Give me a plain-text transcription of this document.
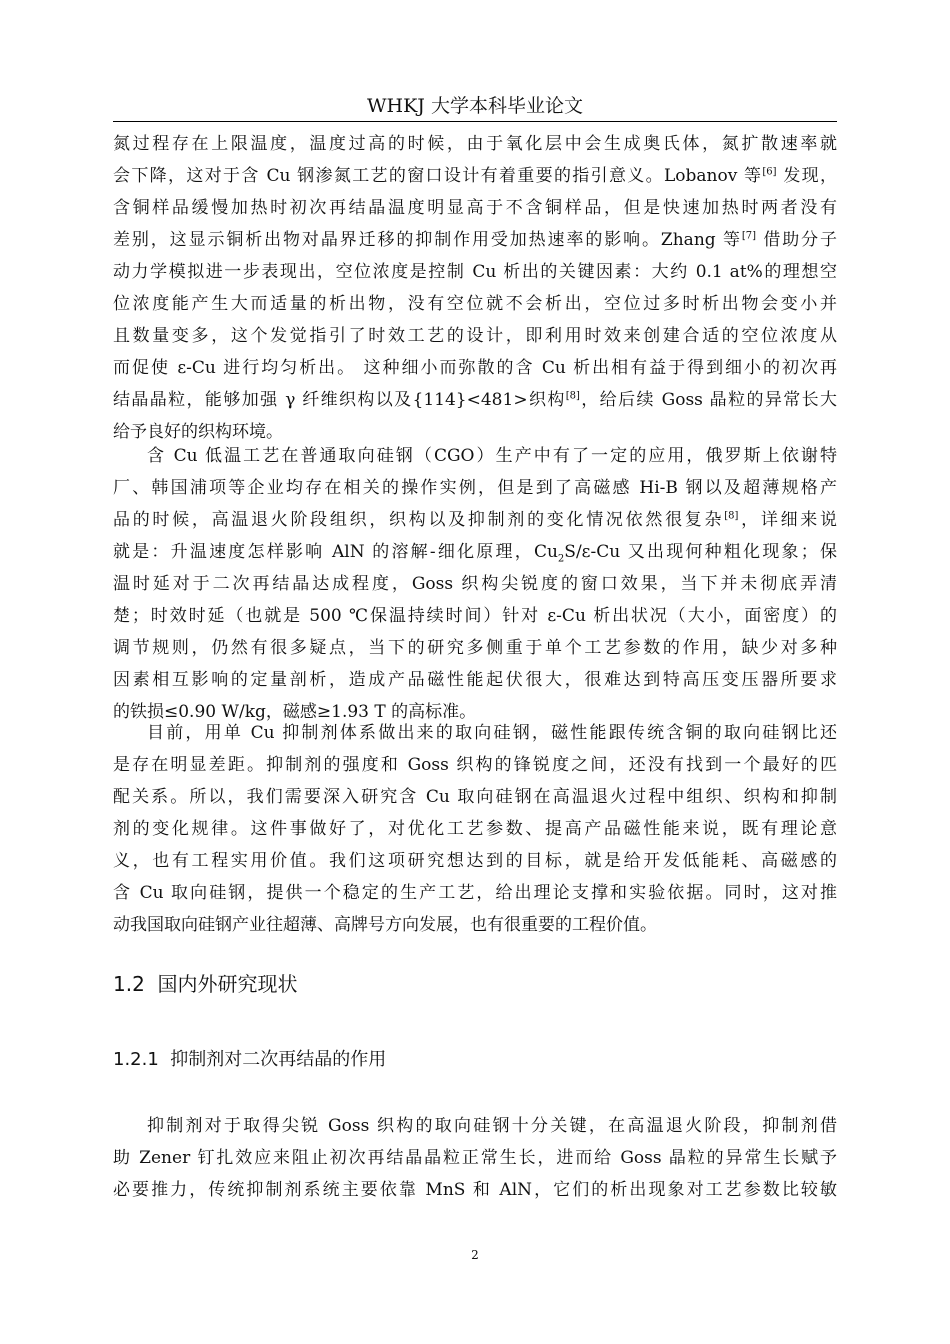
WHKJ 大学本科毕业论文
氮过程存在上限温度，温度过高的时候，由于氧化层中会生成奥氏体，氮扩散速率就
会下降，这对于含 Cu 钢渗氮工艺的窗口设计有着重要的指引意义。Lobanov 等[6] 发现，
含铜样品缓慢加热时初次再结晶温度明显高于不含铜样品，但是快速加热时两者没有
差别，这显示铜析出物对晶界迁移的抑制作用受加热速率的影响。Zhang 等[7] 借助分子
动力学模拟进一步表现出，空位浓度是控制 Cu 析出的关键因素：大约 0.1 at%的理想空
位浓度能产生大而适量的析出物，没有空位就不会析出，空位过多时析出物会变小并
且数量变多，这个发觉指引了时效工艺的设计，即利用时效来创建合适的空位浓度从
而促使 ε-Cu 进行均匀析出。 这种细小而弥散的含 Cu 析出相有益于得到细小的初次再
结晶晶粒，能够加强 γ 纤维织构以及{114}<481>织构[8]，给后续 Goss 晶粒的异常长大
给予良好的织构环境。
含 Cu 低温工艺在普通取向硅钢（CGO）生产中有了一定的应用，俄罗斯上依谢特
厂、韩国浦项等企业均存在相关的操作实例，但是到了高磁感 Hi-B 钢以及超薄规格产
品的时候，高温退火阶段组织，织构以及抑制剂的变化情况依然很复杂[8]，详细来说
就是：升温速度怎样影响 AlN 的溶解-细化原理，$Cu_2S/\varepsilon-Cu$ 又出现何种粗化现象；保
温时延对于二次再结晶达成程度，Goss 织构尖锐度的窗口效果，当下并未彻底弄清
楚；时效时延（也就是 500 ℃保温持续时间）针对 ε-Cu 析出状况（大小，面密度）的
调节规则，仍然有很多疑点，当下的研究多侧重于单个工艺参数的作用，缺少对多种
因素相互影响的定量剖析，造成产品磁性能起伏很大，很难达到特高压变压器所要求
的铁损≤0.90 W/kg，磁感≥1.93 T 的高标准。
目前，用单 Cu 抑制剂体系做出来的取向硅钢，磁性能跟传统含铜的取向硅钢比还
是存在明显差距。抑制剂的强度和 Goss 织构的锋锐度之间，还没有找到一个最好的匹
配关系。所以，我们需要深入研究含 Cu 取向硅钢在高温退火过程中组织、织构和抑制
剂的变化规律。这件事做好了，对优化工艺参数、提高产品磁性能来说，既有理论意
义，也有工程实用价值。我们这项研究想达到的目标，就是给开发低能耗、高磁感的
含 Cu 取向硅钢，提供一个稳定的生产工艺，给出理论支撑和实验依据。同时，这对推
动我国取向硅钢产业往超薄、高牌号方向发展，也有很重要的工程价值。
1.2 国内外研究现状
1.2.1 抑制剂对二次再结晶的作用
抑制剂对于取得尖锐 Goss 织构的取向硅钢十分关键，在高温退火阶段，抑制剂借
助 Zener 钉扎效应来阻止初次再结晶晶粒正常生长，进而给 Goss 晶粒的异常生长赋予
必要推力，传统抑制剂系统主要依靠 MnS 和 AlN，它们的析出现象对工艺参数比较敏
2
